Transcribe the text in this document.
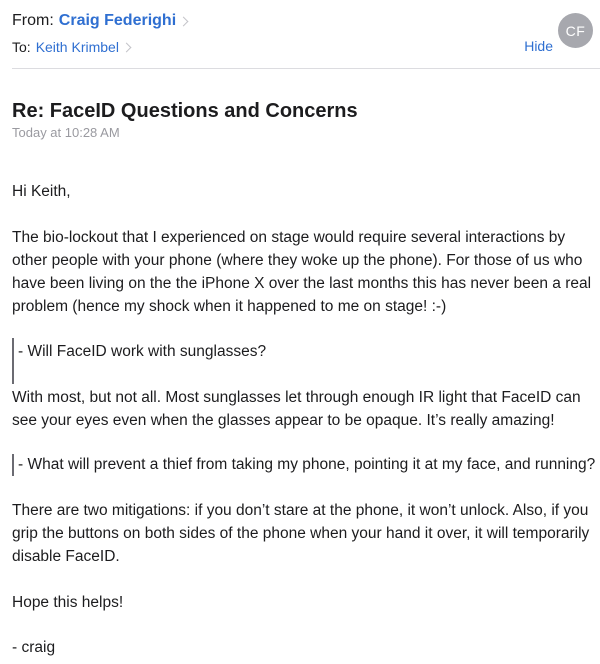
From: Craig Federighi
To: Keith Krimbel
CF
Hide
Re: FaceID Questions and Concerns
Today at 10:28 AM
Hi Keith,
The bio-lockout that I experienced on stage would require several interactions by other people with your phone (where they woke up the phone). For those of us who have been living on the the iPhone X over the last months this has never been a real problem (hence my shock when it happened to me on stage! :-)
- Will FaceID work with sunglasses?
With most, but not all. Most sunglasses let through enough IR light that FaceID can see your eyes even when the glasses appear to be opaque. It’s really amazing!
- What will prevent a thief from taking my phone, pointing it at my face, and running?
There are two mitigations: if you don’t stare at the phone, it won’t unlock. Also, if you grip the buttons on both sides of the phone when your hand it over, it will temporarily disable FaceID.
Hope this helps!
- craig
